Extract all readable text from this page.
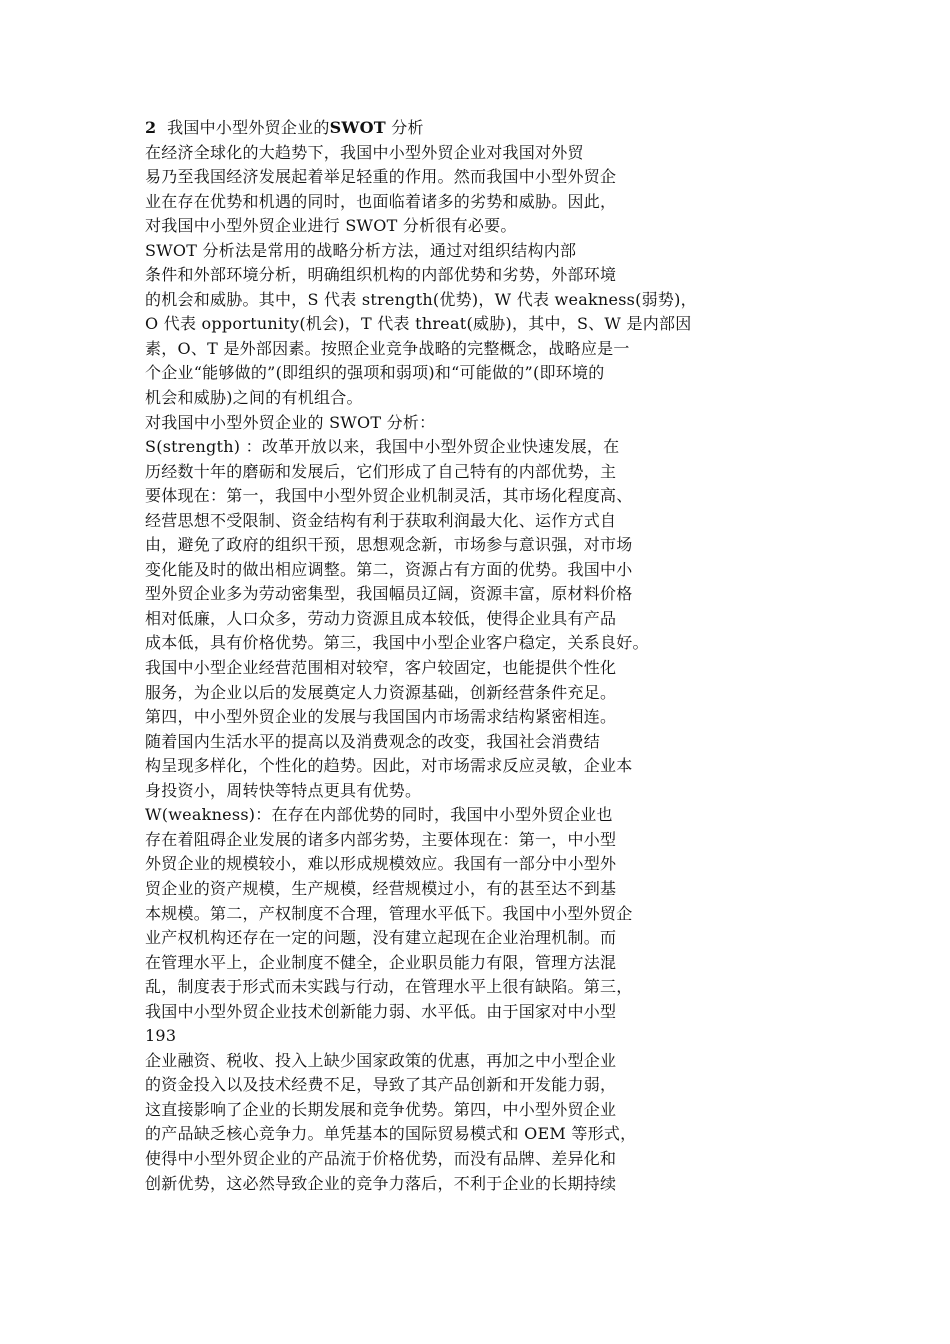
2 我国中小型外贸企业的SWOT 分析
在经济全球化的大趋势下，我国中小型外贸企业对我国对外贸
易乃至我国经济发展起着举足轻重的作用。然而我国中小型外贸企
业在存在优势和机遇的同时，也面临着诸多的劣势和威胁。因此，
对我国中小型外贸企业进行 SWOT 分析很有必要。
SWOT 分析法是常用的战略分析方法，通过对组织结构内部
条件和外部环境分析，明确组织机构的内部优势和劣势，外部环境
的机会和威胁。其中，S 代表 strength(优势)，W 代表 weakness(弱势)，
O 代表 opportunity(机会)，T 代表 threat(威胁)，其中，S、W 是内部因
素，O、T 是外部因素。按照企业竞争战略的完整概念，战略应是一
个企业“能够做的”(即组织的强项和弱项)和“可能做的”(即环境的
机会和威胁)之间的有机组合。
对我国中小型外贸企业的 SWOT 分析：
S(strength) ：改革开放以来，我国中小型外贸企业快速发展，在
历经数十年的磨砺和发展后，它们形成了自己特有的内部优势，主
要体现在：第一，我国中小型外贸企业机制灵活，其市场化程度高、
经营思想不受限制、资金结构有利于获取利润最大化、运作方式自
由，避免了政府的组织干预，思想观念新，市场参与意识强，对市场
变化能及时的做出相应调整。第二，资源占有方面的优势。我国中小
型外贸企业多为劳动密集型，我国幅员辽阔，资源丰富，原材料价格
相对低廉，人口众多，劳动力资源且成本较低，使得企业具有产品
成本低，具有价格优势。第三，我国中小型企业客户稳定，关系良好。
我国中小型企业经营范围相对较窄，客户较固定，也能提供个性化
服务，为企业以后的发展奠定人力资源基础，创新经营条件充足。
第四，中小型外贸企业的发展与我国国内市场需求结构紧密相连。
随着国内生活水平的提高以及消费观念的改变，我国社会消费结
构呈现多样化，个性化的趋势。因此，对市场需求反应灵敏，企业本
身投资小，周转快等特点更具有优势。
W(weakness)：在存在内部优势的同时，我国中小型外贸企业也
存在着阻碍企业发展的诸多内部劣势，主要体现在：第一，中小型
外贸企业的规模较小，难以形成规模效应。我国有一部分中小型外
贸企业的资产规模，生产规模，经营规模过小，有的甚至达不到基
本规模。第二，产权制度不合理，管理水平低下。我国中小型外贸企
业产权机构还存在一定的问题，没有建立起现在企业治理机制。而
在管理水平上，企业制度不健全，企业职员能力有限，管理方法混
乱，制度表于形式而未实践与行动，在管理水平上很有缺陷。第三，
我国中小型外贸企业技术创新能力弱、水平低。由于国家对中小型
193
企业融资、税收、投入上缺少国家政策的优惠，再加之中小型企业
的资金投入以及技术经费不足，导致了其产品创新和开发能力弱，
这直接影响了企业的长期发展和竞争优势。第四，中小型外贸企业
的产品缺乏核心竞争力。单凭基本的国际贸易模式和 OEM 等形式，
使得中小型外贸企业的产品流于价格优势，而没有品牌、差异化和
创新优势，这必然导致企业的竞争力落后，不利于企业的长期持续
